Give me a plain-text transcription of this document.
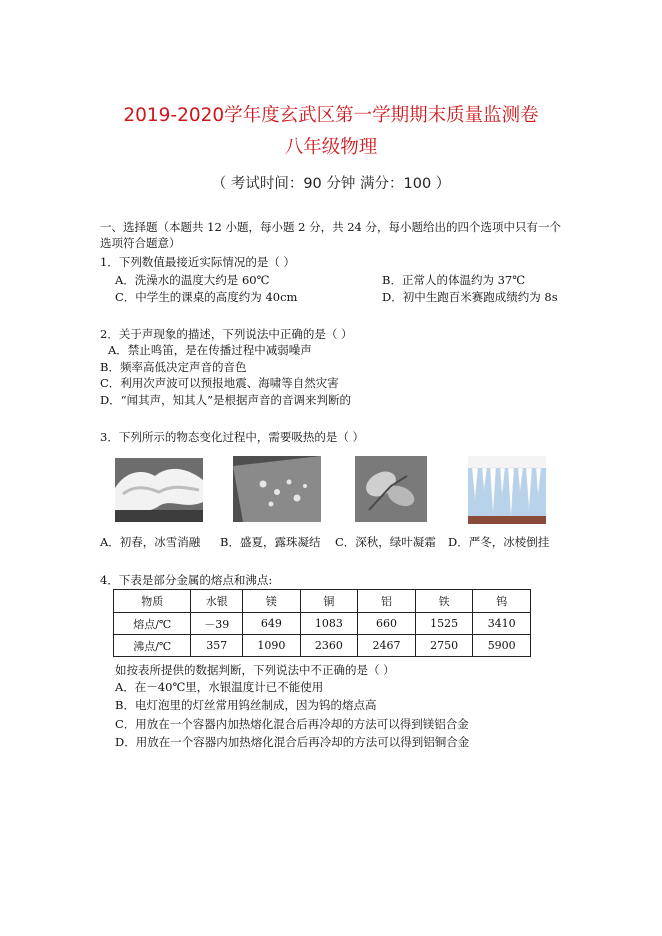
2019-2020学年度玄武区第一学期期末质量监测卷
八年级物理
（ 考试时间：90 分钟 满分：100 ）
一、选择题（本题共 12 小题，每小题 2 分，共 24 分，每小题给出的四个选项中只有一个
选项符合题意）
1．下列数值最接近实际情况的是（ ）
A．洗澡水的温度大约是 60℃	B．正常人的体温约为 37℃
C．中学生的课桌的高度约为 40cm	D．初中生跑百米赛跑成绩约为 8s
2．关于声现象的描述，下列说法中正确的是（ ）
A．禁止鸣笛，是在传播过程中减弱噪声
B．频率高低决定声音的音色
C．利用次声波可以预报地震、海啸等自然灾害
D．“闻其声，知其人”是根据声音的音调来判断的
3．下列所示的物态变化过程中，需要吸热的是（ ）
A．初春，冰雪消融 B．盛夏，露珠凝结 C．深秋，绿叶凝霜 D．严冬，冰棱倒挂
4．下表是部分金属的熔点和沸点:
物质	水银	镁	铜	铝	铁	钨
熔点/℃	－39	649	1083	660	1525	3410
沸点/℃	357	1090	2360	2467	2750	5900
如按表所提供的数据判断，下列说法中不正确的是（ ）
A．在－40℃里，水银温度计已不能使用
B．电灯泡里的灯丝常用钨丝制成，因为钨的熔点高
C．用放在一个容器内加热熔化混合后再冷却的方法可以得到镁铝合金
D．用放在一个容器内加热熔化混合后再冷却的方法可以得到铝铜合金
